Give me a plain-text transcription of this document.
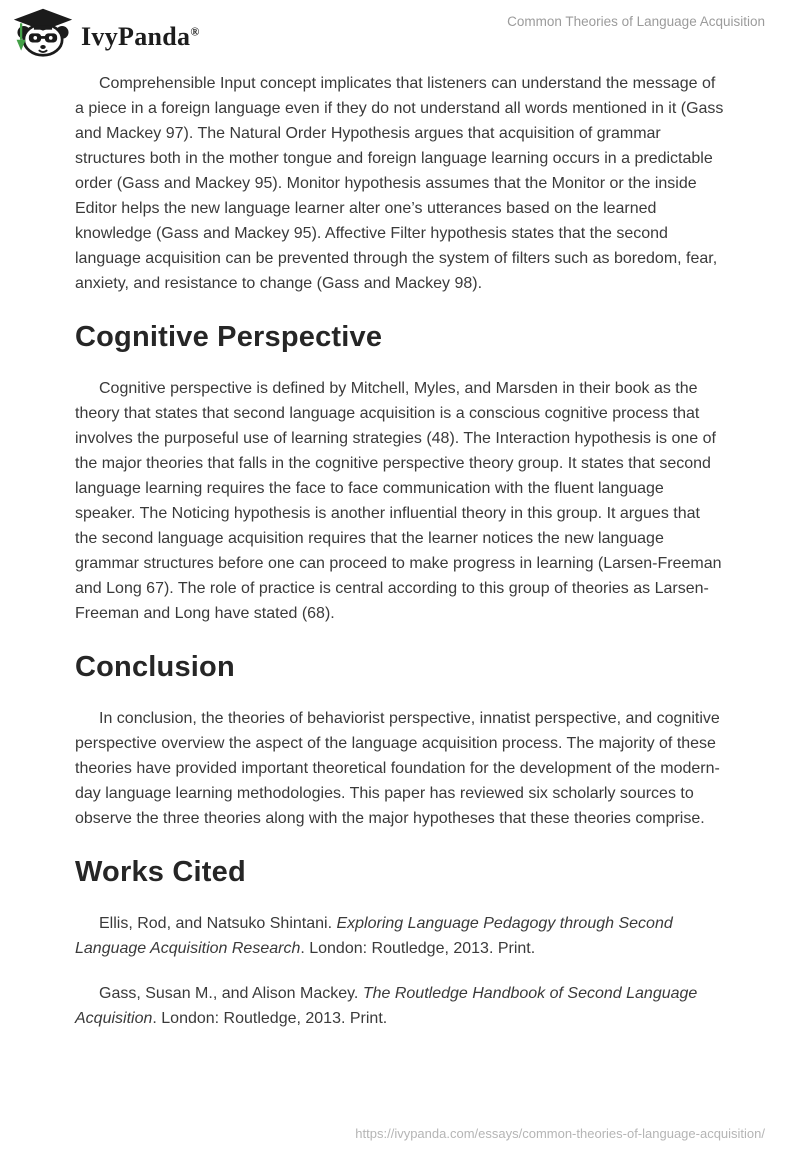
IvyPanda®
Common Theories of Language Acquisition

Comprehensible Input concept implicates that listeners can understand the message of a piece in a foreign language even if they do not understand all words mentioned in it (Gass and Mackey 97). The Natural Order Hypothesis argues that acquisition of grammar structures both in the mother tongue and foreign language learning occurs in a predictable order (Gass and Mackey 95). Monitor hypothesis assumes that the Monitor or the inside Editor helps the new language learner alter one’s utterances based on the learned knowledge (Gass and Mackey 95). Affective Filter hypothesis states that the second language acquisition can be prevented through the system of filters such as boredom, fear, anxiety, and resistance to change (Gass and Mackey 98).

Cognitive Perspective

Cognitive perspective is defined by Mitchell, Myles, and Marsden in their book as the theory that states that second language acquisition is a conscious cognitive process that involves the purposeful use of learning strategies (48). The Interaction hypothesis is one of the major theories that falls in the cognitive perspective theory group. It states that second language learning requires the face to face communication with the fluent language speaker. The Noticing hypothesis is another influential theory in this group. It argues that the second language acquisition requires that the learner notices the new language grammar structures before one can proceed to make progress in learning (Larsen-Freeman and Long 67). The role of practice is central according to this group of theories as Larsen-Freeman and Long have stated (68).

Conclusion

In conclusion, the theories of behaviorist perspective, innatist perspective, and cognitive perspective overview the aspect of the language acquisition process. The majority of these theories have provided important theoretical foundation for the development of the modern-day language learning methodologies. This paper has reviewed six scholarly sources to observe the three theories along with the major hypotheses that these theories comprise.

Works Cited

Ellis, Rod, and Natsuko Shintani. Exploring Language Pedagogy through Second Language Acquisition Research. London: Routledge, 2013. Print.

Gass, Susan M., and Alison Mackey. The Routledge Handbook of Second Language Acquisition. London: Routledge, 2013. Print.

https://ivypanda.com/essays/common-theories-of-language-acquisition/
